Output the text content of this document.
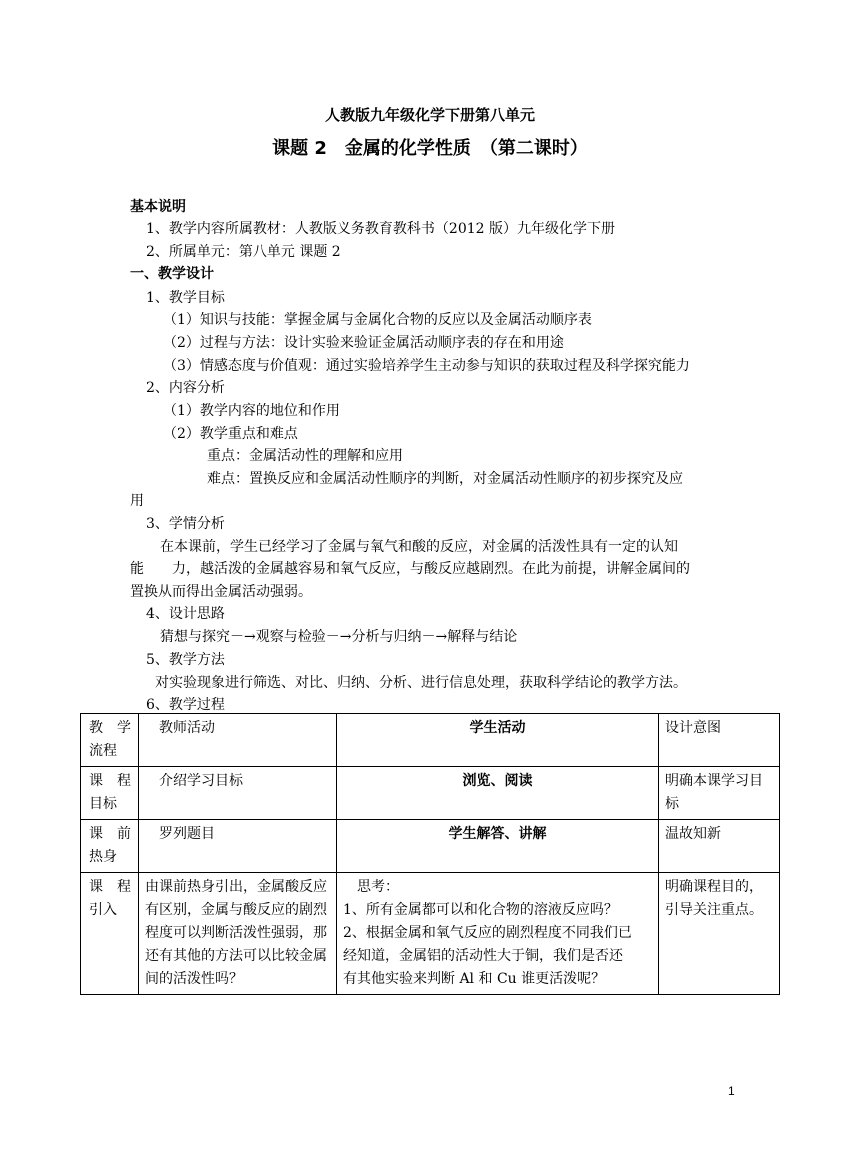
人教版九年级化学下册第八单元
课题 2　金属的化学性质　（第二课时）
基本说明
1、教学内容所属教材：人教版义务教育教科书（2012 版）九年级化学下册
2、所属单元：第八单元 课题 2
一、教学设计
1、教学目标
（1）知识与技能：掌握金属与金属化合物的反应以及金属活动顺序表
（2）过程与方法：设计实验来验证金属活动顺序表的存在和用途
（3）情感态度与价值观：通过实验培养学生主动参与知识的获取过程及科学探究能力
2、内容分析
（1）教学内容的地位和作用
（2）教学重点和难点
重点：金属活动性的理解和应用
难点：置换反应和金属活动性顺序的判断，对金属活动性顺序的初步探究及应
用
3、学情分析
在本课前，学生已经学习了金属与氧气和酸的反应，对金属的活泼性具有一定的认知
能　　力，越活泼的金属越容易和氧气反应，与酸反应越剧烈。在此为前提，讲解金属间的
置换从而得出金属活动强弱。
4、设计思路
猜想与探究－→观察与检验－→分析与归纳－→解释与结论
5、教学方法
对实验现象进行筛选、对比、归纳、分析、进行信息处理，获取科学结论的教学方法。
6、教学过程
教　学流程	教师活动	学生活动	设计意图
课　程目标	介绍学习目标	浏览、阅读	明确本课学习目标
课　前热身	罗列题目	学生解答、讲解	温故知新
课　程引入	由课前热身引出，金属酸反应有区别，金属与酸反应的剧烈程度可以判断活泼性强弱，那还有其他的方法可以比较金属间的活泼性吗？	　思考：
1、所有金属都可以和化合物的溶液反应吗？
2、根据金属和氧气反应的剧烈程度不同我们已
经知道，金属铝的活动性大于铜，我们是否还
有其他实验来判断 Al 和 Cu 谁更活泼呢？	明确课程目的，引导关注重点。
1
